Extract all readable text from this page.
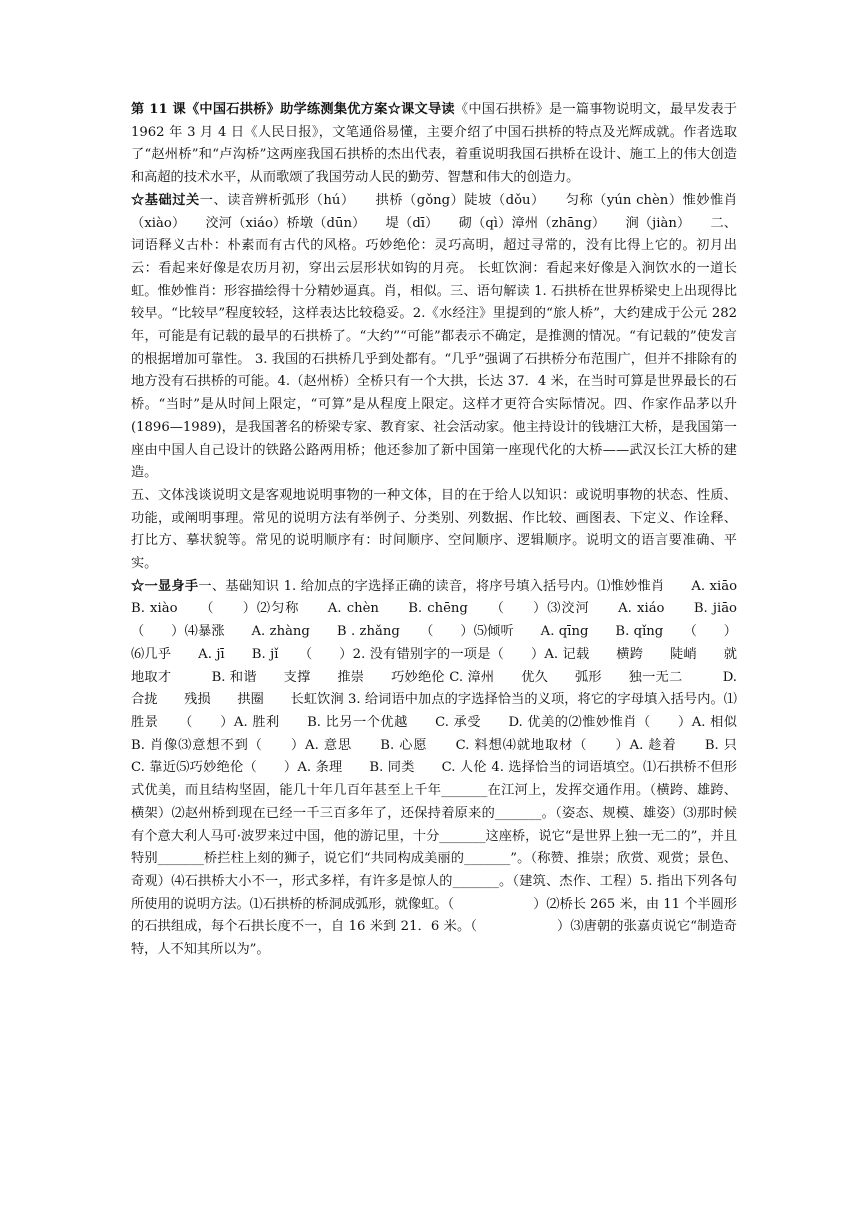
第 11 课《中国石拱桥》助学练测集优方案☆课文导读《中国石拱桥》是一篇事物说明文，最早发表于 1962 年 3 月 4 日《人民日报》，文笔通俗易懂，主要介绍了中国石拱桥的特点及光辉成就。作者选取了“赵州桥”和“卢沟桥”这两座我国石拱桥的杰出代表，着重说明我国石拱桥在设计、施工上的伟大创造和高超的技术水平，从而歌颂了我国劳动人民的勤劳、智慧和伟大的创造力。

☆基础过关一、读音辨析弧形（hú）　　拱桥（gǒng）陡坡（dǒu）　　匀称（yún chèn）惟妙惟肖（xiào）　　洨河（xiáo）桥墩（dūn）　　堤（dī）　　砌（qì）漳州（zhāng）　　涧（jiàn）　　二、词语释义古朴：朴素而有古代的风格。巧妙绝伦：灵巧高明，超过寻常的，没有比得上它的。初月出云：看起来好像是农历月初，穿出云层形状如钩的月亮。 长虹饮涧：看起来好像是入涧饮水的一道长虹。惟妙惟肖：形容描绘得十分精妙逼真。肖，相似。三、语句解读 1. 石拱桥在世界桥梁史上出现得比较早。“比较早”程度较轻，这样表达比较稳妥。2.《水经注》里提到的“旅人桥”，大约建成于公元 282 年，可能是有记载的最早的石拱桥了。“大约”“可能”都表示不确定，是推测的情况。“有记载的”使发言的根据增加可靠性。 3. 我国的石拱桥几乎到处都有。“几乎”强调了石拱桥分布范围广，但并不排除有的地方没有石拱桥的可能。4.（赵州桥）全桥只有一个大拱，长达 37．4 米，在当时可算是世界最长的石桥。“当时”是从时间上限定，“可算”是从程度上限定。这样才更符合实际情况。四、作家作品茅以升(1896—1989)，是我国著名的桥梁专家、教育家、社会活动家。他主持设计的钱塘江大桥，是我国第一座由中国人自己设计的铁路公路两用桥；他还参加了新中国第一座现代化的大桥——武汉长江大桥的建造。

五、文体浅谈说明文是客观地说明事物的一种文体，目的在于给人以知识：或说明事物的状态、性质、功能，或阐明事理。常见的说明方法有举例子、分类别、列数据、作比较、画图表、下定义、作诠释、打比方、摹状貌等。常见的说明顺序有：时间顺序、空间顺序、逻辑顺序。说明文的语言要准确、平实。

☆一显身手一、基础知识 1. 给加点的字选择正确的读音，将序号填入括号内。⑴惟妙惟肖　　A. xiāo　　B. xiào　　（　　）⑵匀称　　A. chèn　　B. chēng　　（　　）⑶洨河　　A. xiáo　　B. jiāo　　（　　）⑷暴涨　　A. zhàng　　B . zhǎng　　（　　）⑸倾听　　A. qīng　　B. qǐng　　（　　）⑹几乎　　A. jī　　B. jǐ　　（　　）2. 没有错别字的一项是（　　）A. 记载　　横跨　　陡峭　　就地取才　　　B. 和谐　　支撑　　推崇　　巧妙绝伦 C. 漳州　　优久　　弧形　　独一无二　　　D. 合拢　　残损　　拱圈　　长虹饮涧 3. 给词语中加点的字选择恰当的义项，将它的字母填入括号内。⑴胜景　　（　　）A. 胜利　　B. 比另一个优越　　C. 承受　　D. 优美的⑵惟妙惟肖（　　）A. 相似　　B. 肖像⑶意想不到（　　）A. 意思　　B. 心愿　　C. 料想⑷就地取材（　　）A. 趁着　　B. 只　　C. 靠近⑸巧妙绝伦（　　）A. 条理　　B. 同类　　C. 人伦 4. 选择恰当的词语填空。⑴石拱桥不但形式优美，而且结构坚固，能几十年几百年甚至上千年_______在江河上，发挥交通作用。（横跨、雄跨、横架）⑵赵州桥到现在已经一千三百多年了，还保持着原来的_______。（姿态、规模、雄姿）⑶那时候有个意大利人马可·波罗来过中国，他的游记里，十分_______这座桥，说它“是世界上独一无二的”，并且特别_______桥拦柱上刻的狮子，说它们“共同构成美丽的_______”。（称赞、推崇；欣赏、观赏；景色、奇观）⑷石拱桥大小不一，形式多样，有许多是惊人的_______。（建筑、杰作、工程）5. 指出下列各句所使用的说明方法。⑴石拱桥的桥洞成弧形，就像虹。（　　　　　　）⑵桥长 265 米，由 11 个半圆形的石拱组成，每个石拱长度不一，自 16 米到 21．6 米。（　　　　　　）⑶唐朝的张嘉贞说它“制造奇特，人不知其所以为”。
